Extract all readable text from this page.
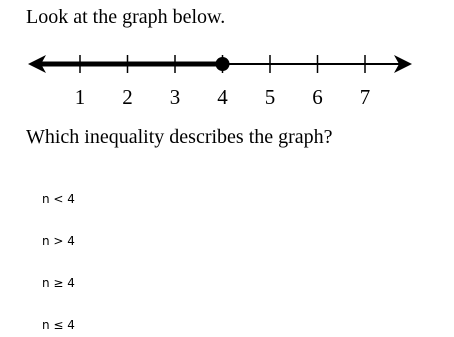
Look at the graph below.
1 2 3 4 5 6 7
Which inequality describes the graph?
n < 4
n > 4
n ≥ 4
n ≤ 4
